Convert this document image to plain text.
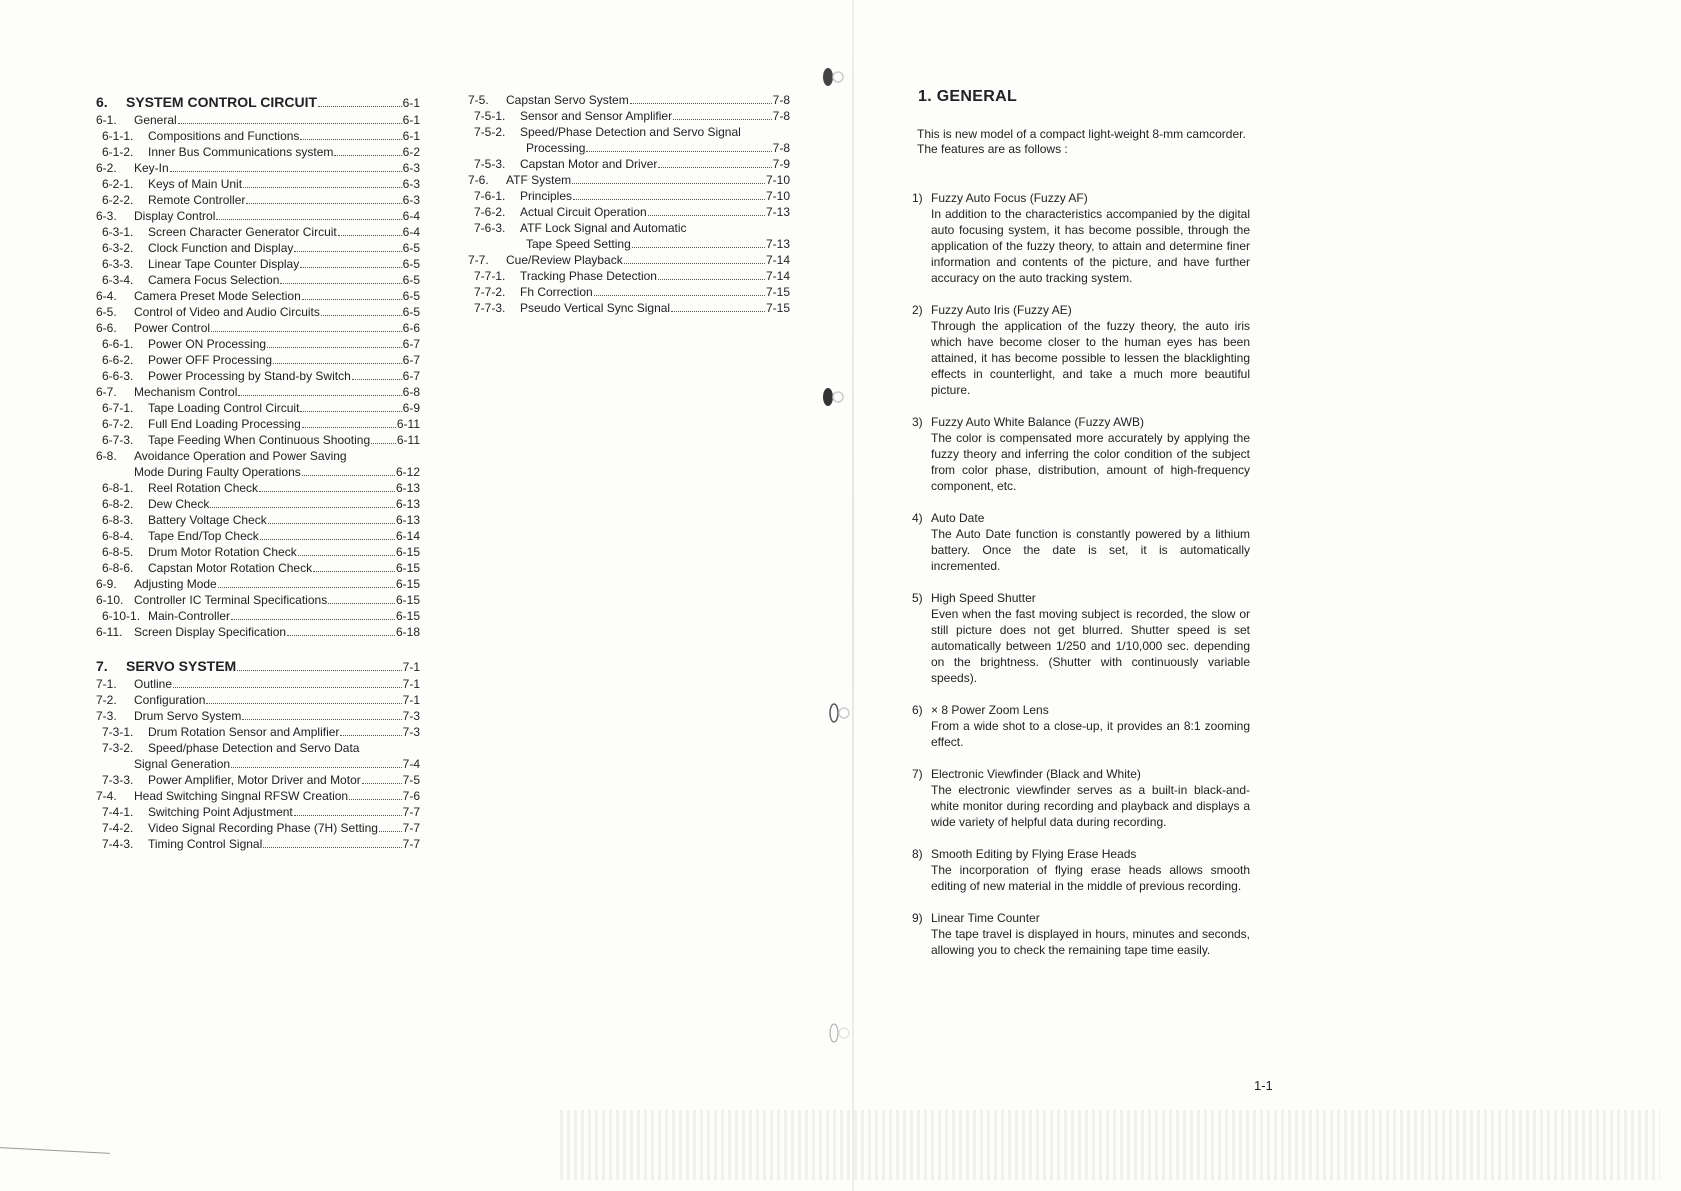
6.	SYSTEM CONTROL CIRCUIT	6-1
6-1.	General	6-1
6-1-1.	Compositions and Functions	6-1
6-1-2.	Inner Bus Communications system	6-2
6-2.	Key-In	6-3
6-2-1.	Keys of Main Unit	6-3
6-2-2.	Remote Controller	6-3
6-3.	Display Control	6-4
6-3-1.	Screen Character Generator Circuit	6-4
6-3-2.	Clock Function and Display	6-5
6-3-3.	Linear Tape Counter Display	6-5
6-3-4.	Camera Focus Selection	6-5
6-4.	Camera Preset Mode Selection	6-5
6-5.	Control of Video and Audio Circuits	6-5
6-6.	Power Control	6-6
6-6-1.	Power ON Processing	6-7
6-6-2.	Power OFF Processing	6-7
6-6-3.	Power Processing by Stand-by Switch	6-7
6-7.	Mechanism Control	6-8
6-7-1.	Tape Loading Control Circuit	6-9
6-7-2.	Full End Loading Processing	6-11
6-7-3.	Tape Feeding When Continuous Shooting 6-11
6-8.	Avoidance Operation and Power Saving
Mode During Faulty Operations	6-12
6-8-1.	Reel Rotation Check	6-13
6-8-2.	Dew Check	6-13
6-8-3.	Battery Voltage Check	6-13
6-8-4.	Tape End/Top Check	6-14
6-8-5.	Drum Motor Rotation Check	6-15
6-8-6.	Capstan Motor Rotation Check	6-15
6-9.	Adjusting Mode	6-15
6-10. Controller IC Terminal Specifications	6-15
6-10-1. Main-Controller	6-15
6-11. Screen Display Specification	6-18
7.	SERVO SYSTEM	7-1
7-1.	Outline	7-1
7-2.	Configuration	7-1
7-3.	Drum Servo System	7-3
7-3-1.	Drum Rotation Sensor and Amplifier	7-3
7-3-2.	Speed/phase Detection and Servo Data
Signal Generation	7-4
7-3-3.	Power Amplifier, Motor Driver and Motor	7-5
7-4.	Head Switching Singnal RFSW Creation	7-6
7-4-1.	Switching Point Adjustment	7-7
7-4-2.	Video Signal Recording Phase (7H) Setting 7-7
7-4-3.	Timing Control Signal	7-7
7-5.	Capstan Servo System	7-8
7-5-1.	Sensor and Sensor Amplifier	7-8
7-5-2.	Speed/Phase Detection and Servo Signal
Processing	7-8
7-5-3.	Capstan Motor and Driver	7-9
7-6.	ATF System	7-10
7-6-1.	Principles	7-10
7-6-2.	Actual Circuit Operation	7-13
7-6-3.	ATF Lock Signal and Automatic
Tape Speed Setting	7-13
7-7.	Cue/Review Playback	7-14
7-7-1.	Tracking Phase Detection	7-14
7-7-2.	Fh Correction	7-15
7-7-3.	Pseudo Vertical Sync Signal	7-15
1. GENERAL

This is new model of a compact light-weight 8-mm camcorder.

The features are as follows :

1) Fuzzy Auto Focus (Fuzzy AF)
In addition to the characteristics accompanied by the digital auto focusing system, it has become possible, through the application of the fuzzy theory, to attain and determine finer information and contents of the picture, and have further accuracy on the auto tracking system.
2) Fuzzy Auto Iris (Fuzzy AE)
Through the application of the fuzzy theory, the auto iris which have become closer to the human eyes has been attained, it has become possible to lessen the blacklighting effects in counterlight, and take a much more beautiful picture.
3) Fuzzy Auto White Balance (Fuzzy AWB)
The color is compensated more accurately by applying the fuzzy theory and inferring the color condition of the subject from color phase, distribution, amount of high-frequency component, etc.
4) Auto Date
The Auto Date function is constantly powered by a lithium battery. Once the date is set, it is automatically incremented.
5) High Speed Shutter
Even when the fast moving subject is recorded, the slow or still picture does not get blurred. Shutter speed is set automatically between 1/250 and 1/10,000 sec. depending on the brightness. (Shutter with continuously variable speeds).
6) × 8 Power Zoom Lens
From a wide shot to a close-up, it provides an 8:1 zooming effect.
7) Electronic Viewfinder (Black and White)
The electronic viewfinder serves as a built-in black-and-white monitor during recording and playback and displays a wide variety of helpful data during recording.
8) Smooth Editing by Flying Erase Heads
The incorporation of flying erase heads allows smooth editing of new material in the middle of previous recording.
9) Linear Time Counter
The tape travel is displayed in hours, minutes and seconds, allowing you to check the remaining tape time easily.
1-1
